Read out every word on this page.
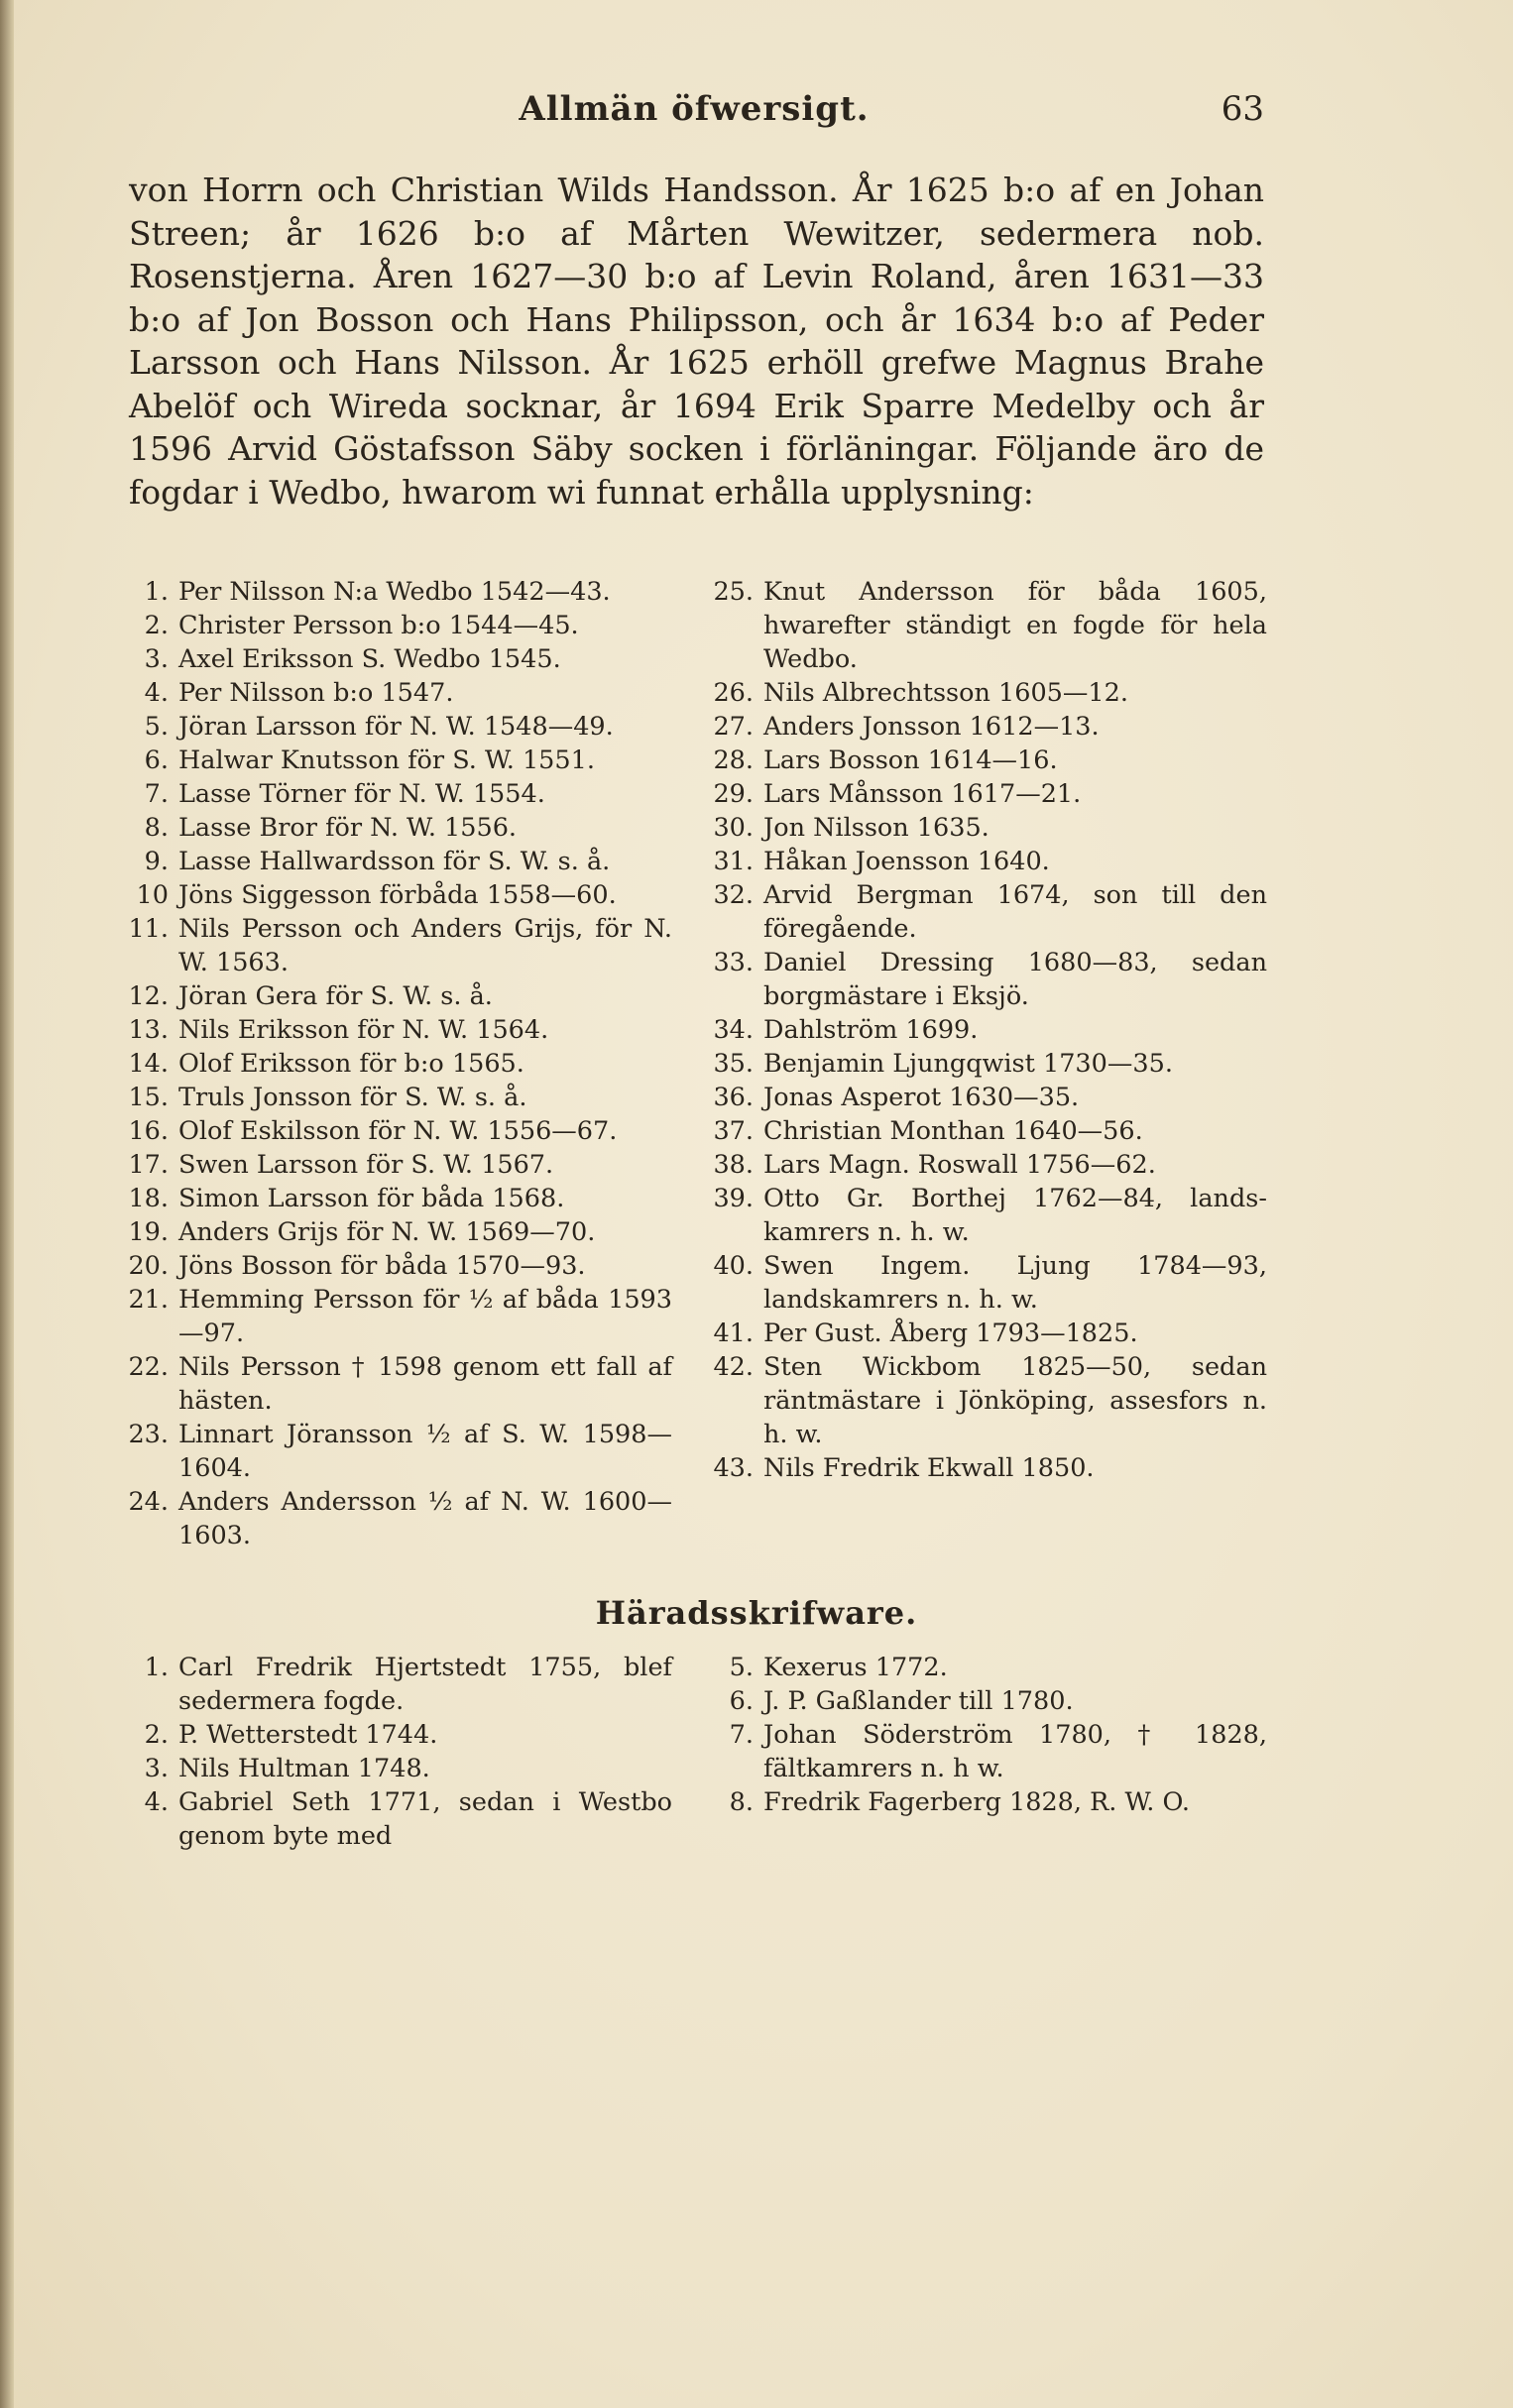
Allmän öfwersigt.	63

von Horrn och Christian Wilds Handsson. År 1625 b:o af en Johan Streen; år 1626 b:o af Mårten Wewitzer, sedermera nob. Rosenstjerna. Åren 1627—30 b:o af Levin Roland, åren 1631—33 b:o af Jon Bosson och Hans Philipsson, och år 1634 b:o af Peder Larsson och Hans Nilsson. År 1625 erhöll grefwe Magnus Brahe Abelöf och Wireda socknar, år 1694 Erik Sparre Medelby och år 1596 Arvid Göstafsson Säby socken i förläningar. Följande äro de fogdar i Wedbo, hwarom wi funnat erhålla upplysning:

1. Per Nilsson N:a Wedbo 1542—43.
2. Christer Persson b:o 1544—45.
3. Axel Eriksson S. Wedbo 1545.
4. Per Nilsson b:o 1547.
5. Jöran Larsson för N. W. 1548—49.
6. Halwar Knutsson för S. W. 1551.
7. Lasse Törner för N. W. 1554.
8. Lasse Bror för N. W. 1556.
9. Lasse Hallwardsson för S. W. s. å.
10 Jöns Siggesson förbåda 1558—60.
11. Nils Persson och Anders Grijs, för N. W. 1563.
12. Jöran Gera för S. W. s. å.
13. Nils Eriksson för N. W. 1564.
14. Olof Eriksson för b:o 1565.
15. Truls Jonsson för S. W. s. å.
16. Olof Eskilsson för N. W. 1556—67.
17. Swen Larsson för S. W. 1567.
18. Simon Larsson för båda 1568.
19. Anders Grijs för N. W. 1569—70.
20. Jöns Bosson för båda 1570—93.
21. Hemming Persson för ½ af båda 1593—97.
22. Nils Persson † 1598 genom ett fall af hästen.
23. Linnart Jöransson ½ af S. W. 1598—1604.
24. Anders Andersson ½ af N. W. 1600—1603.
25. Knut Andersson för båda 1605, hwarefter ständigt en fogde för hela Wedbo.
26. Nils Albrechtsson 1605—12.
27. Anders Jonsson 1612—13.
28. Lars Bosson 1614—16.
29. Lars Månsson 1617—21.
30. Jon Nilsson 1635.
31. Håkan Joensson 1640.
32. Arvid Bergman 1674, son till den föregående.
33. Daniel Dressing 1680—83, sedan borgmästare i Eksjö.
34. Dahlström 1699.
35. Benjamin Ljungqwist 1730—35.
36. Jonas Asperot 1630—35.
37. Christian Monthan 1640—56.
38. Lars Magn. Roswall 1756—62.
39. Otto Gr. Borthej 1762—84, lands-kamrers n. h. w.
40. Swen Ingem. Ljung 1784—93, landskamrers n. h. w.
41. Per Gust. Åberg 1793—1825.
42. Sten Wickbom 1825—50, sedan räntmästare i Jönköping, assesfors n. h. w.
43. Nils Fredrik Ekwall 1850.
Häradsskrifware.
1. Carl Fredrik Hjertstedt 1755, blef sedermera fogde.
2. P. Wetterstedt 1744.
3. Nils Hultman 1748.
4. Gabriel Seth 1771, sedan i Westbo genom byte med
5. Kexerus 1772.
6. J. P. Gaßlander till 1780.
7. Johan Söderström 1780, † 1828, fältkamrers n. h w.
8. Fredrik Fagerberg 1828, R. W. O.
